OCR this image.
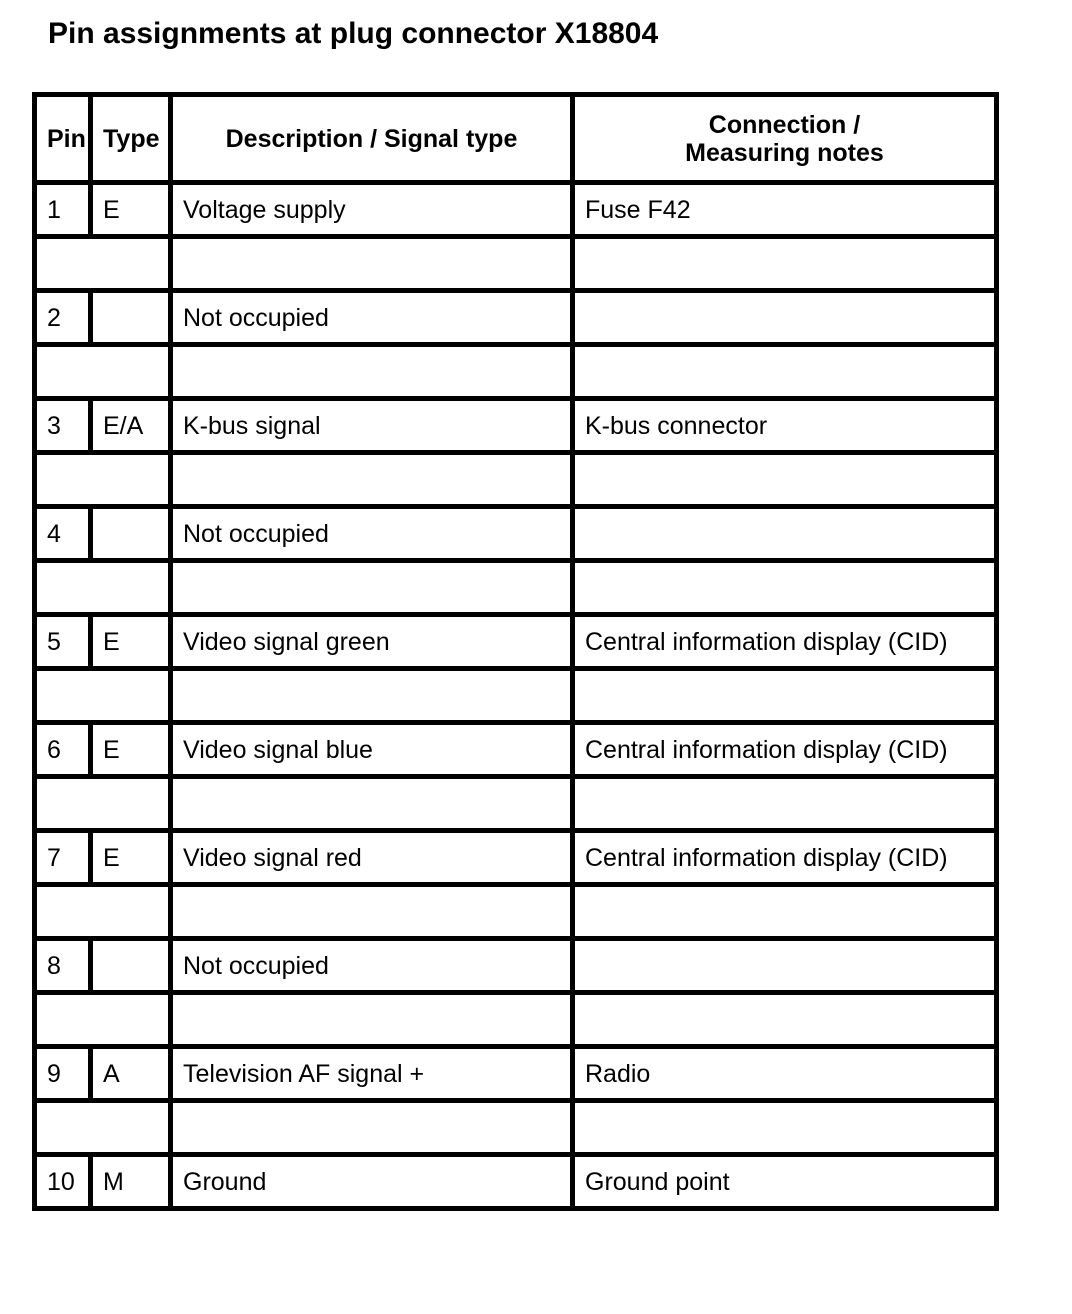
Pin assignments at plug connector X18804
Pin	Type	Description / Signal type	Connection /
Measuring notes
1	E	Voltage supply	Fuse F42

2		Not occupied	

3	E/A	K-bus signal	K-bus connector

4		Not occupied	

5	E	Video signal green	Central information display (CID)

6	E	Video signal blue	Central information display (CID)

7	E	Video signal red	Central information display (CID)

8		Not occupied	

9	A	Television AF signal +	Radio

10	M	Ground	Ground point
